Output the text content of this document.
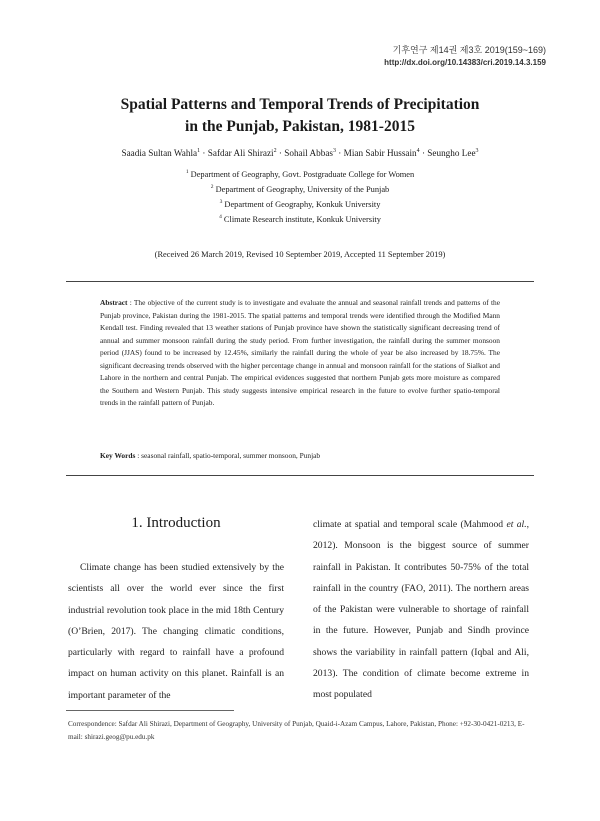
기후연구 제14권 제3호 2019(159~169)
http://dx.doi.org/10.14383/cri.2019.14.3.159
Spatial Patterns and Temporal Trends of Precipitation
in the Punjab, Pakistan, 1981-2015
Saadia Sultan Wahla$^1$ · Safdar Ali Shirazi$^2$ · Sohail Abbas$^3$ · Mian Sabir Hussain$^4$ · Seungho Lee$^3$
$^1$ Department of Geography, Govt. Postgraduate College for Women
$^2$ Department of Geography, University of the Punjab
$^3$ Department of Geography, Konkuk University
$^4$ Climate Research institute, Konkuk University
(Received 26 March 2019, Revised 10 September 2019, Accepted 11 September 2019)
Abstract : The objective of the current study is to investigate and evaluate the annual and seasonal rainfall trends and patterns of the Punjab province, Pakistan during the 1981-2015. The spatial patterns and temporal trends were identified through the Modified Mann Kendall test. Finding revealed that 13 weather stations of Punjab province have shown the statistically significant decreasing trend of annual and summer monsoon rainfall during the study period. From further investigation, the rainfall during the summer monsoon period (JJAS) found to be increased by 12.45%, similarly the rainfall during the whole of year be also increased by 18.75%. The significant decreasing trends observed with the higher percentage change in annual and monsoon rainfall for the stations of Sialkot and Lahore in the northern and central Punjab. The empirical evidences suggested that northern Punjab gets more moisture as compared the Southern and Western Punjab. This study suggests intensive empirical research in the future to evolve further spatio-temporal trends in the rainfall pattern of Punjab.
Key Words : seasonal rainfall, spatio-temporal, summer monsoon, Punjab
1. Introduction
Climate change has been studied extensively by the scientists all over the world ever since the first industrial revolution took place in the mid 18th Century (O’Brien, 2017). The changing climatic conditions, particularly with regard to rainfall have a profound impact on human activity on this planet. Rainfall is an important parameter of the
climate at spatial and temporal scale (Mahmood et al., 2012). Monsoon is the biggest source of summer rainfall in Pakistan. It contributes 50-75% of the total rainfall in the country (FAO, 2011). The northern areas of the Pakistan were vulnerable to shortage of rainfall in the future. However, Punjab and Sindh province shows the variability in rainfall pattern (Iqbal and Ali, 2013). The condition of climate become extreme in most populated
Correspondence: Safdar Ali Shirazi, Department of Geography, University of Punjab, Quaid-i-Azam Campus, Lahore, Pakistan, Phone: +92-30-0421-0213, E-mail: shirazi.geog@pu.edu.pk
